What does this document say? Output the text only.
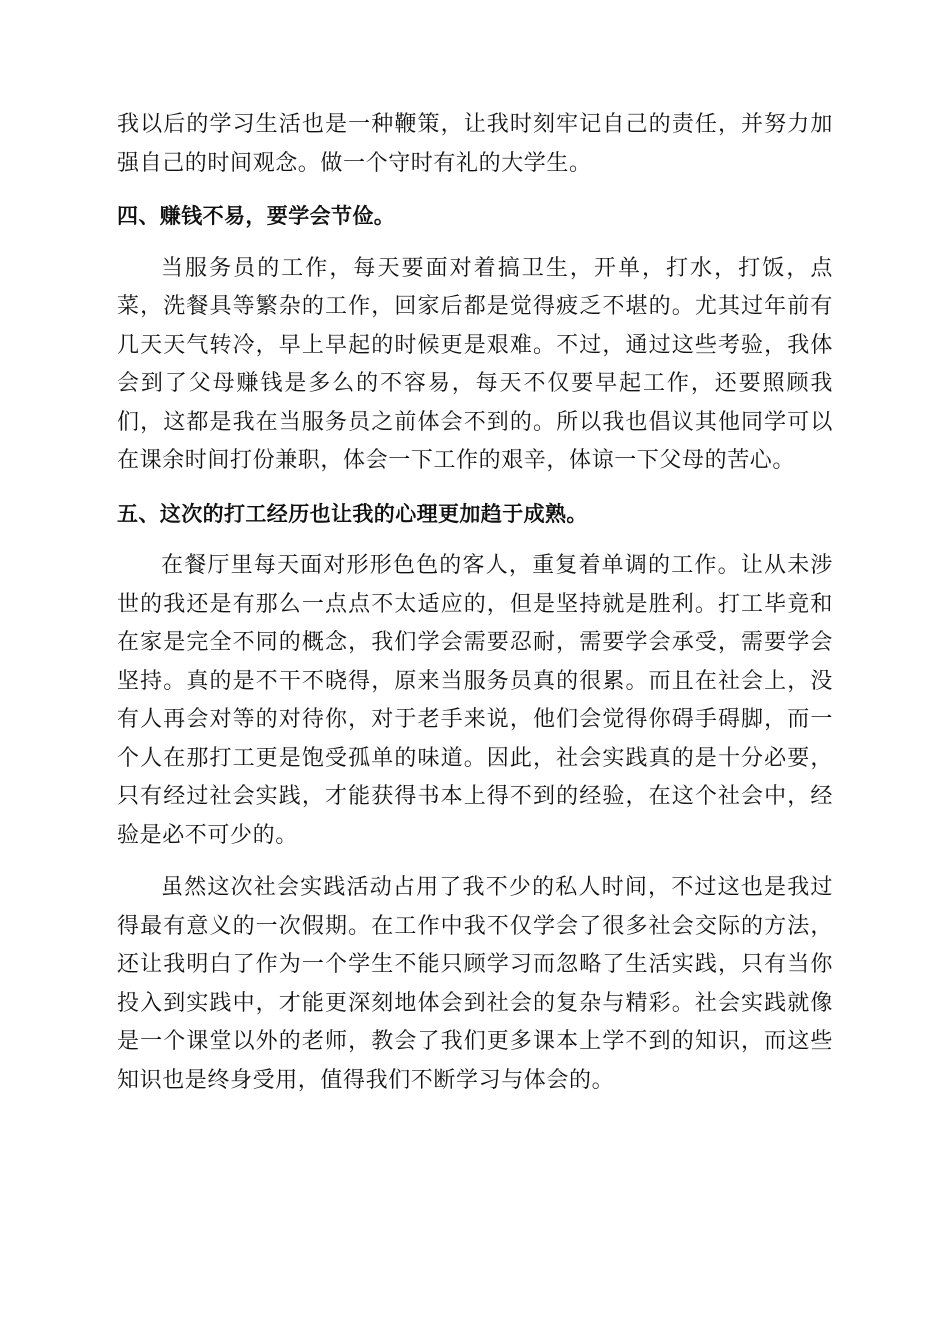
我以后的学习生活也是一种鞭策，让我时刻牢记自己的责任，并努力加强自己的时间观念。做一个守时有礼的大学生。

四、赚钱不易，要学会节俭。

当服务员的工作，每天要面对着搞卫生，开单，打水，打饭，点菜，洗餐具等繁杂的工作，回家后都是觉得疲乏不堪的。尤其过年前有几天天气转冷，早上早起的时候更是艰难。不过，通过这些考验，我体会到了父母赚钱是多么的不容易，每天不仅要早起工作，还要照顾我们，这都是我在当服务员之前体会不到的。所以我也倡议其他同学可以在课余时间打份兼职，体会一下工作的艰辛，体谅一下父母的苦心。

五、这次的打工经历也让我的心理更加趋于成熟。

在餐厅里每天面对形形色色的客人，重复着单调的工作。让从未涉世的我还是有那么一点点不太适应的，但是坚持就是胜利。打工毕竟和在家是完全不同的概念，我们学会需要忍耐，需要学会承受，需要学会坚持。真的是不干不晓得，原来当服务员真的很累。而且在社会上，没有人再会对等的对待你，对于老手来说，他们会觉得你碍手碍脚，而一个人在那打工更是饱受孤单的味道。因此，社会实践真的是十分必要，只有经过社会实践，才能获得书本上得不到的经验，在这个社会中，经验是必不可少的。

虽然这次社会实践活动占用了我不少的私人时间，不过这也是我过得最有意义的一次假期。在工作中我不仅学会了很多社会交际的方法，还让我明白了作为一个学生不能只顾学习而忽略了生活实践，只有当你投入到实践中，才能更深刻地体会到社会的复杂与精彩。社会实践就像是一个课堂以外的老师，教会了我们更多课本上学不到的知识，而这些知识也是终身受用，值得我们不断学习与体会的。
